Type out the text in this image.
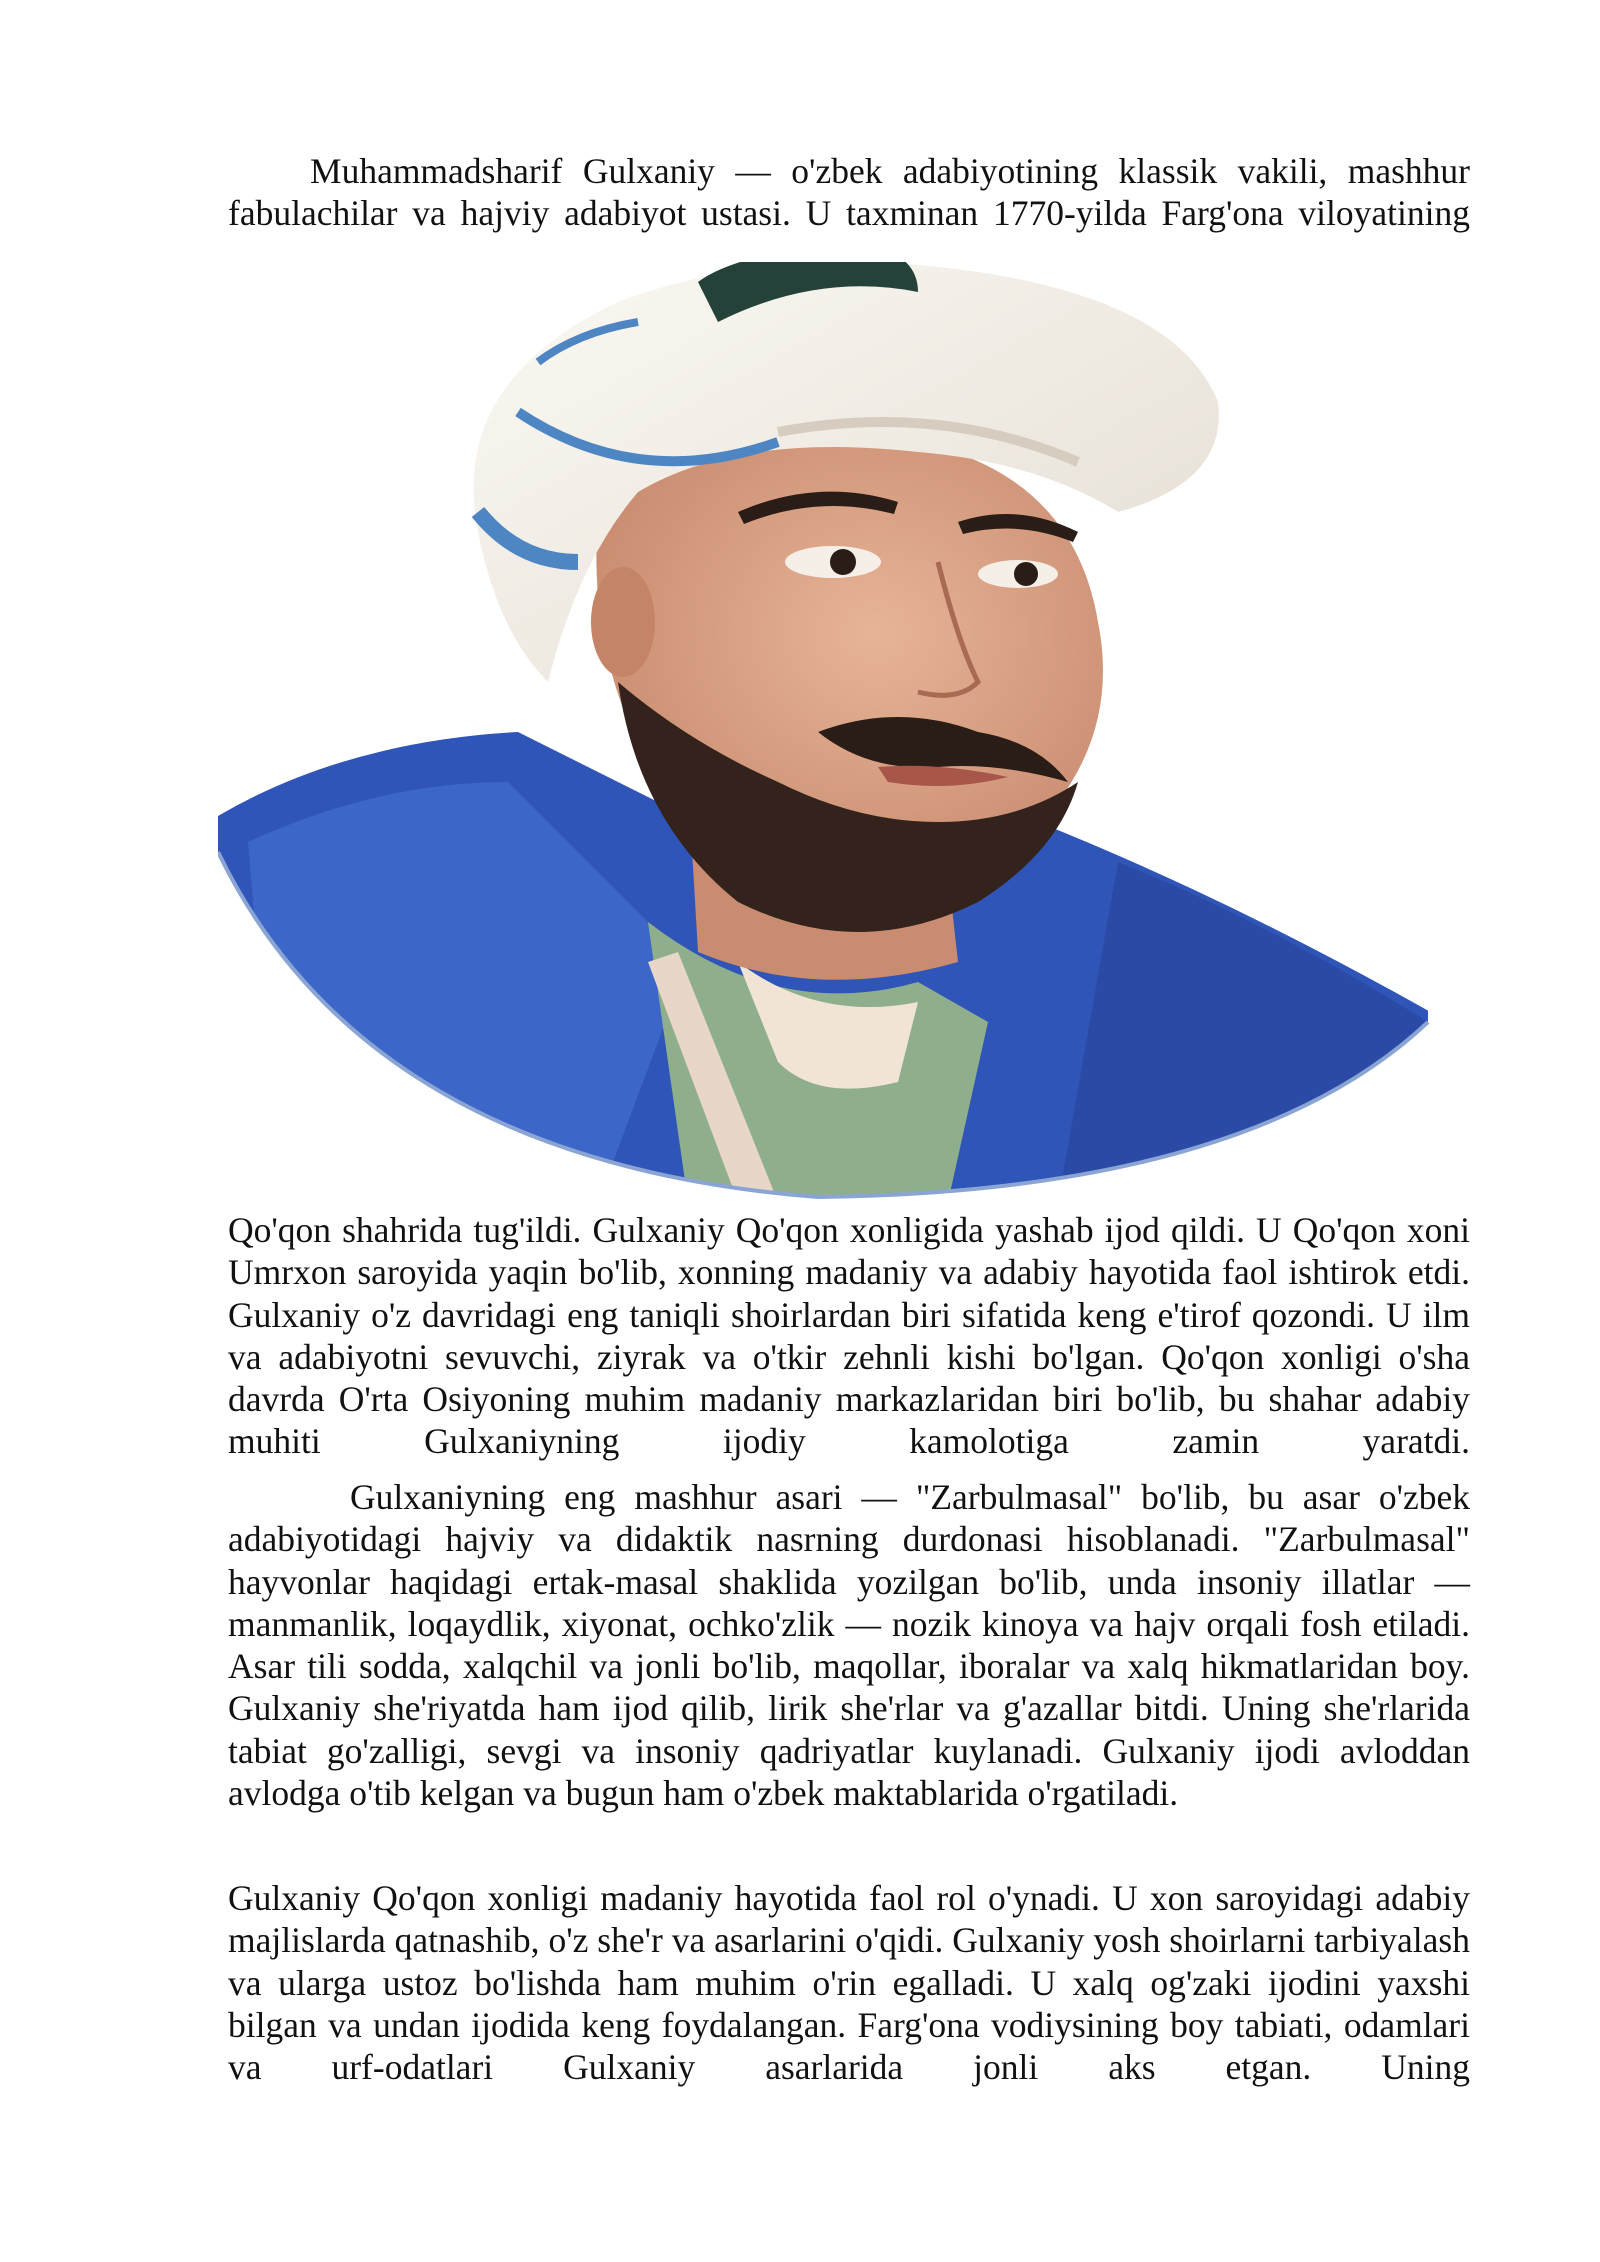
Muhammadsharif Gulxaniy — o'zbek adabiyotining klassik vakili, mashhur fabulachilar va hajviy adabiyot ustasi. U taxminan 1770-yilda Farg'ona viloyatining

Qo'qon shahrida tug'ildi. Gulxaniy Qo'qon xonligida yashab ijod qildi. U Qo'qon xoni Umrxon saroyida yaqin bo'lib, xonning madaniy va adabiy hayotida faol ishtirok etdi. Gulxaniy o'z davridagi eng taniqli shoirlardan biri sifatida keng e'tirof qozondi. U ilm va adabiyotni sevuvchi, ziyrak va o'tkir zehnli kishi bo'lgan. Qo'qon xonligi o'sha davrda O'rta Osiyoning muhim madaniy markazlaridan biri bo'lib, bu shahar adabiy muhiti Gulxaniyning ijodiy kamolotiga zamin yaratdi.

Gulxaniyning eng mashhur asari — "Zarbulmasal" bo'lib, bu asar o'zbek adabiyotidagi hajviy va didaktik nasrning durdonasi hisoblanadi. "Zarbulmasal" hayvonlar haqidagi ertak-masal shaklida yozilgan bo'lib, unda insoniy illatlar — manmanlik, loqaydlik, xiyonat, ochko'zlik — nozik kinoya va hajv orqali fosh etiladi. Asar tili sodda, xalqchil va jonli bo'lib, maqollar, iboralar va xalq hikmatlaridan boy. Gulxaniy she'riyatda ham ijod qilib, lirik she'rlar va g'azallar bitdi. Uning she'rlarida tabiat go'zalligi, sevgi va insoniy qadriyatlar kuylanadi. Gulxaniy ijodi avloddan avlodga o'tib kelgan va bugun ham o'zbek maktablarida o'rgatiladi.

Gulxaniy Qo'qon xonligi madaniy hayotida faol rol o'ynadi. U xon saroyidagi adabiy majlislarda qatnashib, o'z she'r va asarlarini o'qidi. Gulxaniy yosh shoirlarni tarbiyalash va ularga ustoz bo'lishda ham muhim o'rin egalladi. U xalq og'zaki ijodini yaxshi bilgan va undan ijodida keng foydalangan. Farg'ona vodiysining boy tabiati, odamlari va urf-odatlari Gulxaniy asarlarida jonli aks etgan. Uning
